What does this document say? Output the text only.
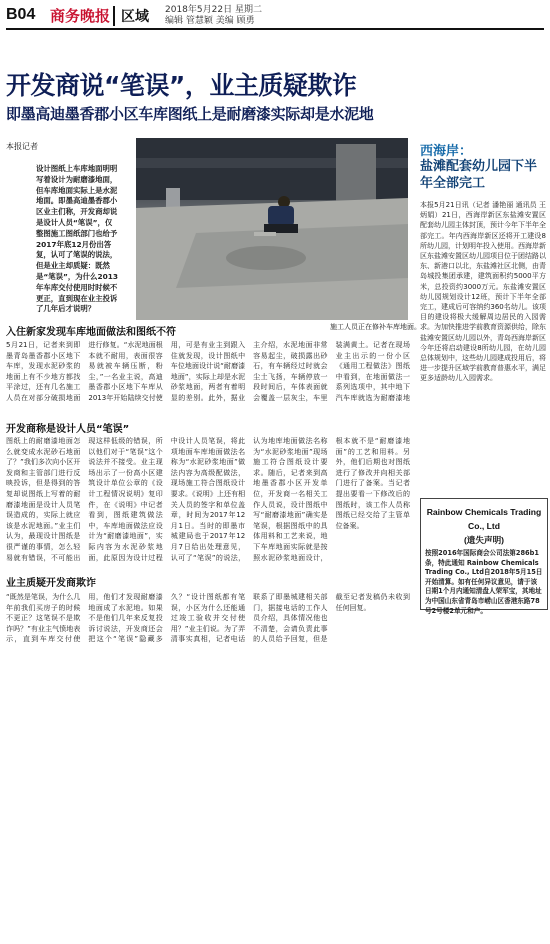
B04 商务晚报 区域 2018年5月22日 星期二
编辑 管慧颖 美编 顾勇
开发商说“笔误”，业主质疑欺诈
即墨高迪墨香郡小区车库图纸上是耐磨漆实际却是水泥地
本报记者
设计图纸上车库地面明明写着设计为耐磨漆地面，但车库地面实际上是水泥地面。即墨高迪墨香郡小区业主们称，开发商却说是设计人员“笔误”，仅整图施工图纸部门也给予2017年底12月份出答复，认可了笔误的说法，但是业主却质疑：既然是“笔误”，为什么2013年车库交付使用时时候不更正，直到现在业主投诉了几年后才说明？
施工人员正在修补车库地面。
入住新家发现车库地面做法和图纸不符
5月21日，记者来到即墨青岛墨香郡小区地下车库，发现水泥砂浆的地面上有不少地方都找平涂过，还有几名施工人员在对部分破损地面进行修复。“水泥地面根本就不耐用，表面很容易就被车辆压断，粉尘，”一名业主说，高迪墨香郡小区地下车库从2013年开始陆续交付使用，可是有业主到跟入住就发现，设计图纸中车位地面设计说“耐磨漆地面”，实际上却是水泥砂浆地面，两者有着明显的差别。此外，据业主介绍，水泥地面非常容易起尘，破损露出砂石，有车辆经过时就会尘土飞扬，车辆停放一段时间后，车体表面就会覆盖一层灰尘，车里装满黄土。记者在现场业主出示的一份小区《通用工程做法》图纸中看到，在地面做法一系列选项中，其中地下汽车库就选为耐磨漆地
开发商称是设计人员“笔误”
图纸上的耐磨漆地面怎么就变成水泥砂石地面了？”我们多次向小区开发商和主管部门进行反映投诉，但是得到的答复却说图纸上写着的耐磨漆地面是设计人员笔误造成的，实际上就应该是水泥地面。”业主们认为，最现设计图纸是很严谨的事情，怎么轻易就有错误，不可能出现这样低级的错误，所以他们对于“笔误”这个说法并不接受。业主现场出示了一份高小区建筑设计单位公章的《设计工程情况说明》复印件，在《说明》中记者看到，图纸建筑做法中，车库地面做法应设计为“耐磨漆地面”，实际内容为水泥砂浆地面，此原因为设计过程中设计人员笔误，将此项地面车库地面做法名称为“水泥砂浆地面”做法内容为高级配做法，现场施工符合图纸设计要求。《说明》上还有相关人员的签字和单位盖章，时间为2017年12月1日。当时的即墨市城建局也于2017年12月7日给出处理意见，认可了“笔误”的说法，认为地库地面做法名称为“水泥砂浆地面”现场施工符合图纸设计要求。随后，记者来到高地墨香郡小区开发单位，开发商一名相关工作人员说，设计图纸中写“耐磨漆地面”确实是笔误，根据图纸中的具体用料和工艺来说，地下车库地面实际就是按照水泥砂浆地面设计，根本就不是“耐磨漆地面”的工艺和用料。另外，他们后期也对图纸进行了修改并向相关部门进行了备案。当记者提出要看一下修改后的图纸时，该工作人员称图纸已经交给了主管单位备案。
业主质疑开发商欺诈
“既然是笔误，为什么几年前我们买房子的时候不更正？这笔误不是欺诈吗？”有业主气愤地表示，直到车库交付使用，他们才发现耐磨漆地面成了水泥地。如果不是他们几年来反复投诉讨说法，开发商还会把这个“笔误”隐藏多久？“设计图纸都有笔误，小区为什么还能通过竣工验收并交付使用？”业主们说。为了弄清事实真相，记者电话联系了即墨城建相关部门，据接电话的工作人员介绍，具体情况他也不清楚，会请负责此事的人员给予回复，但是截至记者发稿仍未收到任何回复。
西海岸：
盐滩配套幼儿园下半年全部完工
本报5月21日讯（记者 潘艳丽 通讯员 王炳娟）21日，西海岸新区东盐滩安置区配套幼儿园主体封顶，预计今年下半年全部完工。年内西海岸新区还将开工建设8所幼儿园，计划明年投入使用。西海岸新区东盐滩安置区幼儿园项目位于团结路以东、新港口以北，东盐滩社区北侧，由青岛城投集团承建，建筑面积约5000平方米，总投资约3000万元。东盐滩安置区幼儿园规划设计12班，预计下半年全部完工，建成后可容纳约360名幼儿。该项目的建设将极大缓解周边居民的入园需求。为加快推进学前教育资源供给，除东盐滩安置区幼儿园以外，青岛西海岸新区今年还将启动建设8所幼儿园，在幼儿园总体规划中，这些幼儿园建成投用后，将进一步提升区域学前教育普惠水平，满足更多适龄幼儿入园需求。
Rainbow Chemicals Trading Co., Ltd
(遗失声明)
按照2016年国际商会公司法第286b1条，特此通知 Rainbow Chemicals Trading Co., Ltd自2018年5月15日开始清算。如有任何异议意见，请于该日期1个月内通知清盘人荣军宝，其地址为中国山东省青岛市崂山区香港东路78号2号楼2单元和户。
